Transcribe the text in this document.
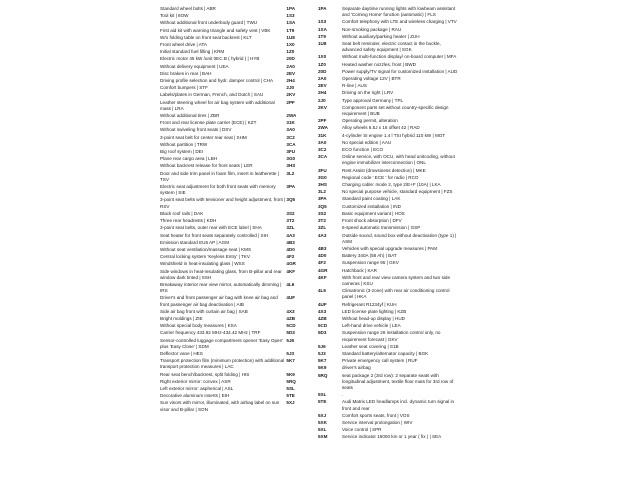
Standard wheel bolts | ABR	1PA
Tool kit | 8OW	1S3
Without additional front underbody guard | TWU	1SA
First aid kit with warning triangle and safety vest | VBK	1T9
W/o folding table on front seat backrest | KLT	1U8
Front wheel drive | ATA	1X0
Initial standard fuel filling | KRM	1Z0
Electric motor 45 kW /unit 0EC.B ( hybrid ) | HYB	20D
Without delivery equipment | UEA	2A0
Disc brakes in rear | BAH	2EV
Driving profile selection and hydr. damper control | CHA	2H4
Comfort bumpers | STF	2J0
Labels/plates in German, French, and Dutch | SAU	2KV
Leather steering wheel for air bag system with additional mass | LRA	2PF
Without additional tires | ZBR	2WA
Front and rear license plate carrier (ECE) | KZT	31K
Without swiveling front seats | DSV	3A0
3-point seat belt for center rear seat | SHM	3C2
Without partition | TRW	3CA
Big roof system | DEI	3FU
Plane rear cargo area | LBH	3G0
Without backrest release for front seats | LER	3HS
Door and side trim panel in foam film, insert in leatherette | TSV	3L2
Electric seat adjustment for both front seats with memory system | SIE	3PA
3-point seat belts with tensioner and height adjustment, front | RSV	3Q5
Black roof rails | DAK	3S2
Three rear headrests | KDH	3T2
3-point seat belts, outer rear with ECE label | SHA	3ZL
Seat heater for front seats separately controlled | SIH	4A3
Emission standard EU6 AP | AGM	4B3
Without seat ventilation/massage seat | KMS	4D0
Central locking system 'Keyless Entry' | TKV	4F2
Windshield in heat-insulating glass | WSS	4GR
Side windows in heat-insulating glass, from B-pillar and rear window dark tinted | SSH	4KF
Breakaway interior rear view mirror, automatically dimming | IRS	4L6
Driver's and front passenger air bag with knee air bag and front passenger air bag deactivation | AIB	4UF
Side air bag front with curtain air bag | SAB	4X3
Bright moldings | ZIE	4ZB
Without special body measures | KSA	5CD
Carrier frequency 433.92 MHz-434.42 MHz | TRF	5D3
Sensor-controlled luggage compartment opener 'Easy Open' plus 'Easy Close' | SDM	5J6
Deflector vane | HES	5J3
Transport protection film (minimum protection) with additional transport protection measures | LAC	5K7
Rear seat bench/backrest, split folding | HIS	5K9
Right exterior mirror: convex | ASR	5RQ
Left exterior mirror: aspherical | ASL	5SL
Decorative aluminum inserts | EIH	5TE
Sun visors with mirror, illuminated, with airbag label on sun visor and B-pillar | SON	5XJ
1PA	Separate daytime running lights with lowbeam assistant and 'Coming Home' function (automatic) | FLS
1S3	Comfort telephony with LTE and wireless charging | VTV
1SA	Non-smoking package | RAU
1T9	Without auxiliary/parking heater | ZUH
1U8	Seat belt reminder, electric contact in the buckle, advanced safety equipment | SGK
1X0	Without multi-function display/ on-board computer | MFA
1Z0	Heated washer nozzles, front | BWD
20D	Power supply/TV signal for customized installation | AUD
2A0	Operating voltage 12V | BTR
2EV	R-line | AUS
2H4	Driving on the right | LRV
2J0	Type approval Germany | TPL
2KV	Component parts set without country-specific design requirement | BUB
2PF	Operating permit, alteration
2WA	Alloy wheels 6.5J x 16 offset 42 | RAD
31K	4-cylinder SI engine 1.4 l TSI hybrid 110 kW | MOT
3A0	No special edition | AAU
3C2	ECO function | ECO
3CA	Online service, with OCU, with head unitcoding, without engine immobilizer interconnection | ONL
3FU	Rest Assist (drowsiness detection) | MKE
3G0	Regional code ' ECE ' for radio | RCO
3HS	Charging cable: mode 2, type 2/E+F (10A) | LKA
3L2	No special purpose vehicle, standard equipment | FZS
3PA	Standard paint coating | LAK
3Q5	Customized installation | IND
3S2	Basic equipment variant | HOS
3T2	Front shock absorption | DFV
3ZL	6-speed automatic transmission | GSP
4A3	Outside sound, sound box without deactivation (type 1) | ASM
4B3	Vehicles with special upgrade measures | PAM
4D0	Battery 340A (58 Ah) | BAT
4F2	Suspension range 95 | GKV
4GR	Hatchback | KAR
4KF	With front and rear view camera system and two side cameras | KSU
4L6	Climatronic (3-zone) with rear air conditioning control panel | HKA
4UF	Refrigerant R1234yf | KUH
4X3	LED license plate lighting | KZB
4ZB	Without head-up display | HUD
5CD	Left-hand drive vehicle | LEA
5D3	Suspension range 26 installation control only, no requirement forecast | GKV
5J6	Leather seat covering | S1B
5J3	Standard battery/alternator capacity | BGK
5K7	Private emergency call system | RUF
5K9	driver's airbag
5RQ	seat package 2 (3rd row): 2 separate seats with longitudinal adjustment, textile floor mats for 3rd row of seats
5SL	.
5TE	Audi Matrix LED headlamps incl. dynamic turn signal in front and rear
5XJ	Comfort sports seats, front | VOS
5XK	Service interval prolongation | WIV
5XL	Voice control | SPR
5XM	Service indicator 15000 km or 1 year ( fix ) | SEA
